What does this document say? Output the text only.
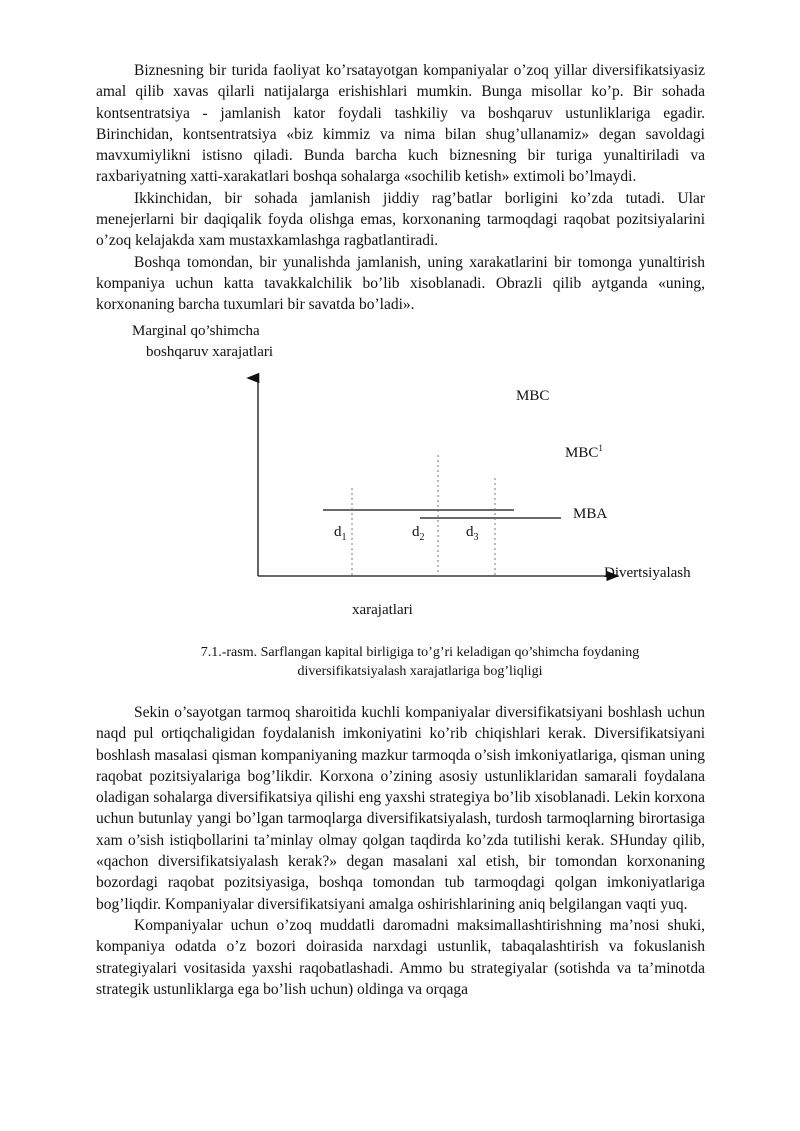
Biznesning bir turida faoliyat ko’rsatayotgan kompaniyalar o’zoq yillar diversifikatsiyasiz amal qilib xavas qilarli natijalarga erishishlari mumkin. Bunga misollar ko’p. Bir sohada kontsentratsiya - jamlanish kator foydali tashkiliy va boshqaruv ustunliklariga egadir. Birinchidan, kontsentratsiya «biz kimmiz va nima bilan shug’ullanamiz» degan savoldagi mavxumiylikni istisno qiladi. Bunda barcha kuch biznesning bir turiga yunaltiriladi va raxbariyatning xatti-xarakatlari boshqa sohalarga «sochilib ketish» extimoli bo’lmaydi.

Ikkinchidan, bir sohada jamlanish jiddiy rag’batlar borligini ko’zda tutadi. Ular menejerlarni bir daqiqalik foyda olishga emas, korxonaning tarmoqdagi raqobat pozitsiyalarini o’zoq kelajakda xam mustaxkamlashga ragbatlantiradi.

Boshqa tomondan, bir yunalishda jamlanish, uning xarakatlarini bir tomonga yunaltirish kompaniya uchun katta tavakkalchilik bo’lib xisoblanadi. Obrazli qilib aytganda «uning, korxonaning barcha tuxumlari bir savatda bo’ladi».

Marginal qo’shimcha
boshqaruv xarajatlari
MBC
MBC$^1$
MBA
$d_1$	$d_2$	$d_3$
Divertsiyalash
xarajatlari
7.1.-rasm. Sarflangan kapital birligiga to’g’ri keladigan qo’shimcha foydaning
diversifikatsiyalash xarajatlariga bog’liqligi

Sekin o’sayotgan tarmoq sharoitida kuchli kompaniyalar diversifikatsiyani boshlash uchun naqd pul ortiqchaligidan foydalanish imkoniyatini ko’rib chiqishlari kerak. Diversifikatsiyani boshlash masalasi qisman kompaniyaning mazkur tarmoqda o’sish imkoniyatlariga, qisman uning raqobat pozitsiyalariga bog’likdir. Korxona o’zining asosiy ustunliklaridan samarali foydalana oladigan sohalarga diversifikatsiya qilishi eng yaxshi strategiya bo’lib xisoblanadi. Lekin korxona uchun butunlay yangi bo’lgan tarmoqlarga diversifikatsiyalash, turdosh tarmoqlarning birortasiga xam o’sish istiqbollarini ta’minlay olmay qolgan taqdirda ko’zda tutilishi kerak. SHunday qilib, «qachon diversifikatsiyalash kerak?» degan masalani xal etish, bir tomondan korxonaning bozordagi raqobat pozitsiyasiga, boshqa tomondan tub tarmoqdagi qolgan imkoniyatlariga bog’liqdir. Kompaniyalar diversifikatsiyani amalga oshirishlarining aniq belgilangan vaqti yuq.

Kompaniyalar uchun o’zoq muddatli daromadni maksimallashtirishning ma’nosi shuki, kompaniya odatda o’z bozori doirasida narxdagi ustunlik, tabaqalashtirish va fokuslanish strategiyalari vositasida yaxshi raqobatlashadi. Ammo bu strategiyalar (sotishda va ta’minotda strategik ustunliklarga ega bo’lish uchun) oldinga va orqaga
